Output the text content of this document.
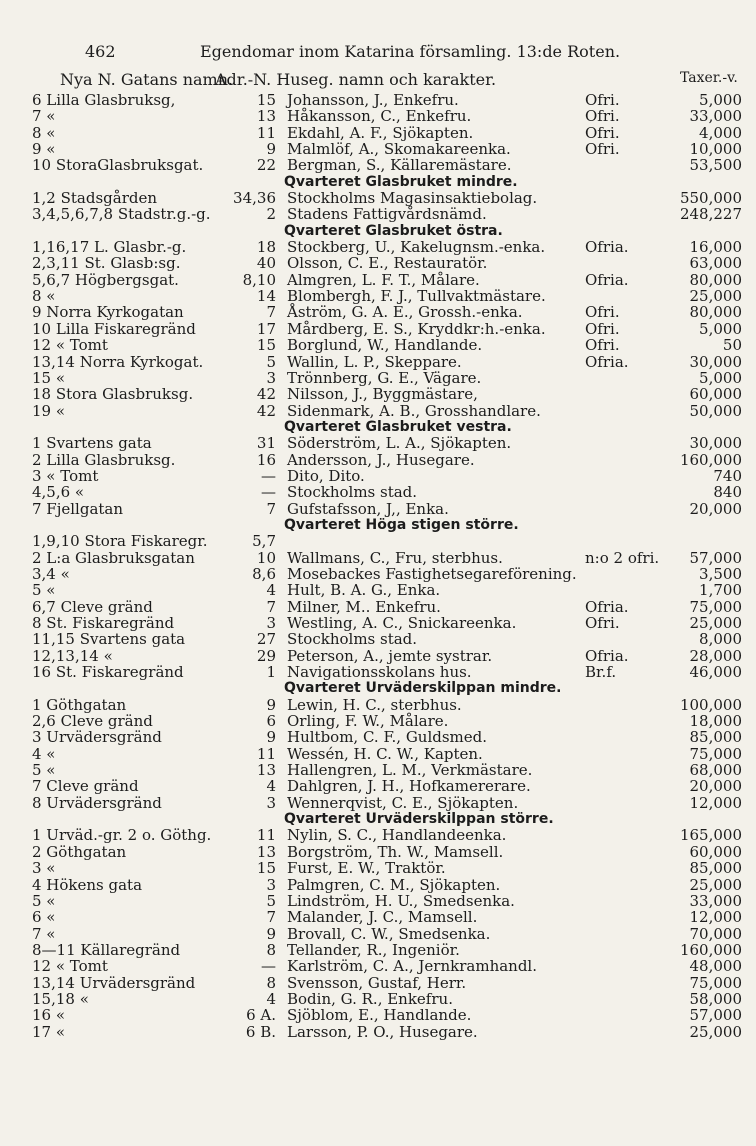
462	Egendomar inom Katarina församling. 13:de Roten.
Nya N. Gatans namn.
Adr.-N. Huseg. namn och karakter.	Taxer.-v.
6 Lilla Glasbruksg,	15 Johansson, J., Enkefru.	Ofri.	5,000
7 «	13 Håkansson, C., Enkefru.	Ofri.	33,000
8 «	11 Ekdahl, A. F., Sjökapten.	Ofri.	4,000
9 «	9 Malmlöf, A., Skomakareenka.	Ofri.	10,000
10 StoraGlasbruksgat.	22 Bergman, S., Källaremästare.	53,500
Qvarteret Glasbruket mindre.
1,2 Stadsgården	34,36 Stockholms Magasinsaktiebolag.	550,000
3,4,5,6,7,8 Stadstr.g.-g.	2 Stadens Fattigvårdsnämd.	248,227
Qvarteret Glasbruket östra.
1,16,17 L. Glasbr.-g.	18 Stockberg, U., Kakelugnsm.-enka.	Ofria.	16,000
2,3,11 St. Glasb:sg.	40 Olsson, C. E., Restauratör.	63,000
5,6,7 Högbergsgat.	8,10 Almgren, L. F. T., Målare.	Ofria.	80,000
8 «	14 Blombergh, F. J., Tullvaktmästare.	25,000
9 Norra Kyrkogatan	7 Åström, G. A. E., Grossh.-enka.	Ofri.	80,000
10 Lilla Fiskaregränd	17 Mårdberg, E. S., Kryddkr:h.-enka.	Ofri.	5,000
12 « Tomt	15 Borglund, W., Handlande.	Ofri.	50
13,14 Norra Kyrkogat.	5 Wallin, L. P., Skeppare.	Ofria.	30,000
15 «	3 Trönnberg, G. E., Vägare.	5,000
18 Stora Glasbruksg.	42 Nilsson, J., Byggmästare,	60,000
19 «	42 Sidenmark, A. B., Grosshandlare.	50,000
Qvarteret Glasbruket vestra.
1 Svartens gata	31 Söderström, L. A., Sjökapten.	30,000
2 Lilla Glasbruksg.	16 Andersson, J., Husegare.	160,000
3 « Tomt	— Dito, Dito.	740
4,5,6 «	— Stockholms stad.	840
7 Fjellgatan	7 Gufstafsson, J,, Enka.	20,000
Qvarteret Höga stigen större.
1,9,10 Stora Fiskaregr.	5,7
2 L:a Glasbruksgatan	10 Wallmans, C., Fru, sterbhus.	n:o 2 ofri. 57,000
3,4 «	8,6 Mosebackes Fastighetsegareförening.	3,500
5 «	4 Hult, B. A. G., Enka.	1,700
6,7 Cleve gränd	7 Milner, M.. Enkefru.	Ofria.	75,000
8 St. Fiskaregränd	3 Westling, A. C., Snickareenka.	Ofri.	25,000
11,15 Svartens gata	27 Stockholms stad.	8,000
12,13,14 «	29 Peterson, A., jemte systrar.	Ofria.	28,000
16 St. Fiskaregränd	1 Navigationsskolans hus.	Br.f.	46,000
Qvarteret Urväderskilppan mindre.
1 Göthgatan	9 Lewin, H. C., sterbhus.	100,000
2,6 Cleve gränd	6 Orling, F. W., Målare.	18,000
3 Urvädersgränd	9 Hultbom, C. F., Guldsmed.	85,000
4 «	11 Wessén, H. C. W., Kapten.	75,000
5 «	13 Hallengren, L. M., Verkmästare.	68,000
7 Cleve gränd	4 Dahlgren, J. H., Hofkamererare.	20,000
8 Urvädersgränd	3 Wennerqvist, C. E., Sjökapten.	12,000
Qvarteret Urväderskilppan större.
1 Urväd.-gr. 2 o. Göthg.	11 Nylin, S. C., Handlandeenka.	165,000
2 Göthgatan	13 Borgström, Th. W., Mamsell.	60,000
3 «	15 Furst, E. W., Traktör.	85,000
4 Hökens gata	3 Palmgren, C. M., Sjökapten.	25,000
5 «	5 Lindström, H. U., Smedsenka.	33,000
6 «	7 Malander, J. C., Mamsell.	12,000
7 «	9 Brovall, C. W., Smedsenka.	70,000
8—11 Källaregränd	8 Tellander, R., Ingeniör.	160,000
12 « Tomt	— Karlström, C. A., Jernkramhandl.	48,000
13,14 Urvädersgränd	8 Svensson, Gustaf, Herr.	75,000
15,18 «	4 Bodin, G. R., Enkefru.	58,000
16 «	6 A. Sjöblom, E., Handlande.	57,000
17 «	6 B. Larsson, P. O., Husegare.	25,000
